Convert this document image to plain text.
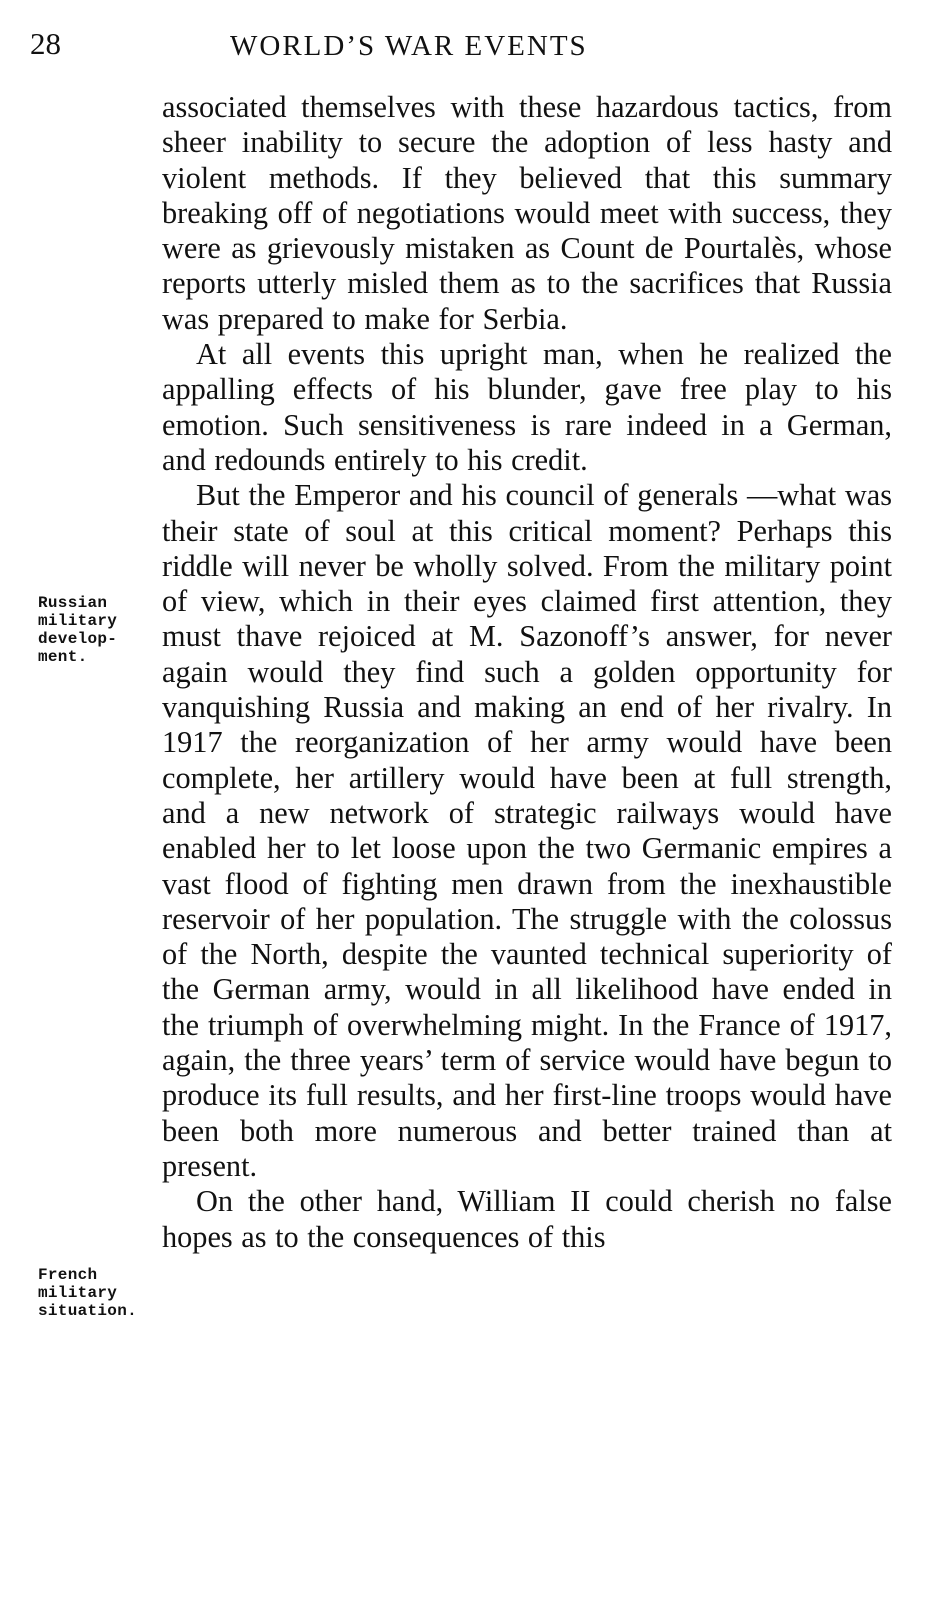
28	WORLD’S WAR EVENTS
Russian
military
develop-
ment.
French
military
situation.

associated themselves with these hazardous tactics, from sheer inability to secure the adoption of less hasty and violent methods. If they believed that this summary breaking off of negotiations would meet with success, they were as grievously mistaken as Count de Pourtalès, whose reports utterly misled them as to the sacrifices that Russia was prepared to make for Serbia.

At all events this upright man, when he realized the appalling effects of his blunder, gave free play to his emotion. Such sensitiveness is rare indeed in a German, and redounds entirely to his credit.

But the Emperor and his council of generals —what was their state of soul at this critical moment? Perhaps this riddle will never be wholly solved. From the military point of view, which in their eyes claimed first attention, they must thave rejoiced at M. Sazonoff’s answer, for never again would they find such a golden opportunity for vanquishing Russia and making an end of her rivalry. In 1917 the reorganization of her army would have been complete, her artillery would have been at full strength, and a new network of strategic railways would have enabled her to let loose upon the two Germanic empires a vast flood of fighting men drawn from the inexhaustible reservoir of her population. The struggle with the colossus of the North, despite the vaunted technical superiority of the German army, would in all likelihood have ended in the triumph of overwhelming might. In the France of 1917, again, the three years’ term of service would have begun to produce its full results, and her first-line troops would have been both more numerous and better trained than at present.

On the other hand, William II could cherish no false hopes as to the consequences of this
